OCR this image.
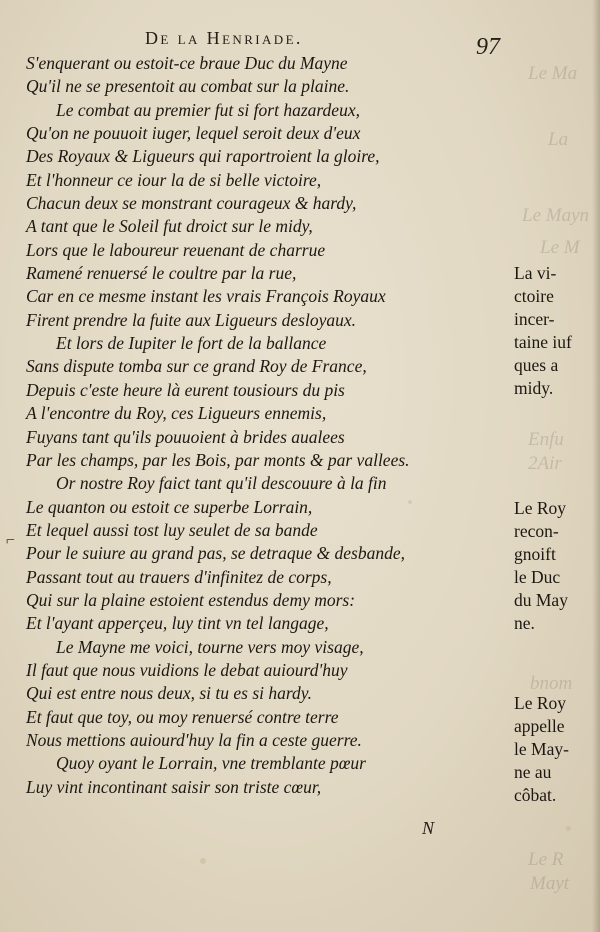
Le Ma
La
Le Mayn
Le M
Enfu
2Air
bnom
Le R
Mayt
De la Henriade.	97
S'enquerant ou estoit-ce braue Duc du Mayne
Qu'il ne se presentoit au combat sur la plaine.
Le combat au premier fut si fort hazardeux,
Qu'on ne pouuoit iuger, lequel seroit deux d'eux
Des Royaux & Ligueurs qui raportroient la gloire,
Et l'honneur ce iour la de si belle victoire,
Chacun deux se monstrant courageux & hardy,
A tant que le Soleil fut droict sur le midy,
Lors que le laboureur reuenant de charrue
Ramené renuersé le coultre par la rue,
Car en ce mesme instant les vrais François Royaux
Firent prendre la fuite aux Ligueurs desloyaux.
Et lors de Iupiter le fort de la ballance
Sans dispute tomba sur ce grand Roy de France,
Depuis c'este heure là eurent tousiours du pis
A l'encontre du Roy, ces Ligueurs ennemis,
Fuyans tant qu'ils pouuoient à brides aualees
Par les champs, par les Bois, par monts & par vallees.
Or nostre Roy faict tant qu'il descouure à la fin
Le quanton ou estoit ce superbe Lorrain,
Et lequel aussi tost luy seulet de sa bande
Pour le suiure au grand pas, se detraque & desbande,
Passant tout au trauers d'infinitez de corps,
Qui sur la plaine estoient estendus demy mors:
Et l'ayant apperçeu, luy tint vn tel langage,
Le Mayne me voici, tourne vers moy visage,
Il faut que nous vuidions le debat auiourd'huy
Qui est entre nous deux, si tu es si hardy.
Et faut que toy, ou moy renuersé contre terre
Nous mettions auiourd'huy la fin a ceste guerre.
Quoy oyant le Lorrain, vne tremblante pœur
Luy vint incontinant saisir son triste cœur,
La vi-
ctoire
incer-
taine iuf
ques a
midy.
Le Roy
recon-
gnoift
le Duc
du May
ne.
Le Roy
appelle
le May-
ne au
côbat.
⌐
N
